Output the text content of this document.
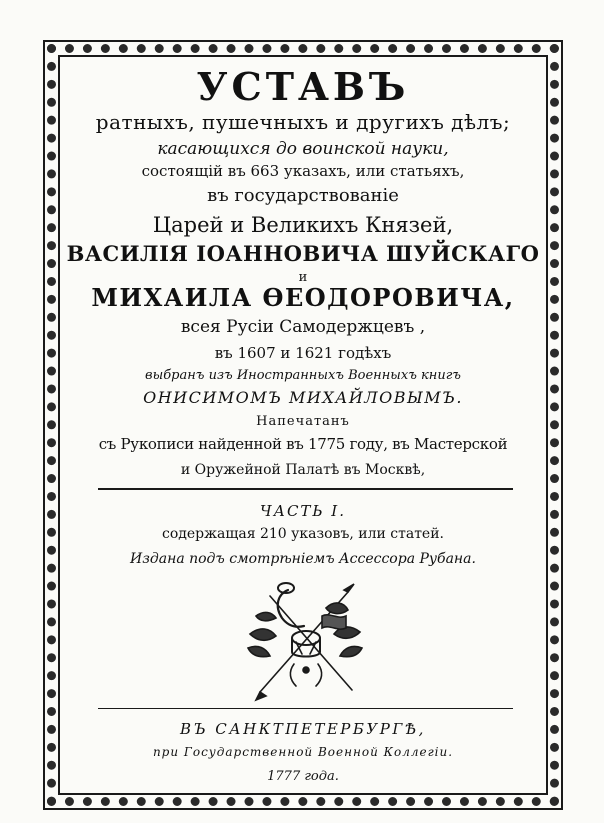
УСТАВЪ
ратныхъ, пушечныхъ и другихъ дѣлъ;
касающихся до воинской науки,
состоящій въ 663 указахъ, или статьяхъ,
въ государствованіе
Царей и Великихъ Князей,
ВАСИЛІЯ ІОАННОВИЧА ШУЙСКАГО
и
МИХАИЛА ѲЕОДОРОВИЧА,
всея Русіи Самодержцевъ ,
въ 1607 и 1621 годѣхъ
выбранъ изъ Иностранныхъ Военныхъ книгъ
ОНИСИМОМЪ МИХАЙЛОВЫМЪ.
Напечатанъ
съ Рукописи найденной въ 1775 году, въ Мастерской
и Оружейной Палатѣ въ Москвѣ,
ЧАСТЬ I.
содержащая 210 указовъ, или статей.
Издана подъ смотрѣніемъ Ассессора Рубана.
ВЪ САНКТПЕТЕРБУРГѢ,
при Государственной Военной Коллегіи.
1777 года.
